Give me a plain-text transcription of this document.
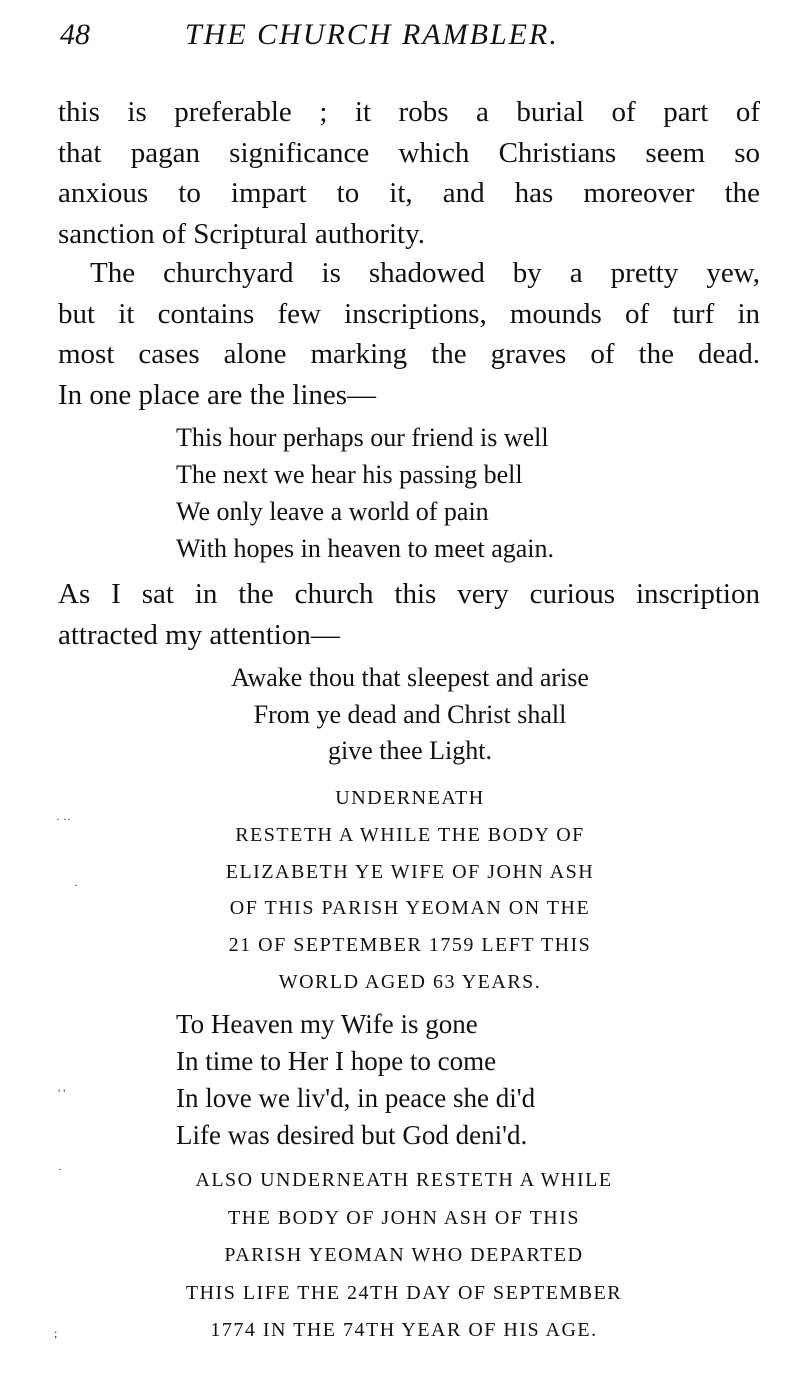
48	THE CHURCH RAMBLER.

this is preferable ; it robs a burial of part of
that pagan significance which Christians seem so
anxious to impart to it, and has moreover the
sanction of Scriptural authority.

The churchyard is shadowed by a pretty yew,
but it contains few inscriptions, mounds of turf in
most cases alone marking the graves of the dead.
In one place are the lines—

This hour perhaps our friend is well
The next we hear his passing bell
We only leave a world of pain
With hopes in heaven to meet again.

As I sat in the church this very curious inscription
attracted my attention—

Awake thou that sleepest and arise
From ye dead and Christ shall
give thee Light.
UNDERNEATH
RESTETH A WHILE THE BODY OF
ELIZABETH YE WIFE OF JOHN ASH
OF THIS PARISH YEOMAN ON THE
21 OF SEPTEMBER 1759 LEFT THIS
WORLD AGED 63 YEARS.
To Heaven my Wife is gone
In time to Her I hope to come
In love we liv'd, in peace she di'd
Life was desired but God deni'd.
ALSO UNDERNEATH RESTETH A WHILE
THE BODY OF JOHN ASH OF THIS
PARISH YEOMAN WHO DEPARTED
THIS LIFE THE 24TH DAY OF SEPTEMBER
1774 IN THE 74TH YEAR OF HIS AGE.
· ··
·
' '
·
;
